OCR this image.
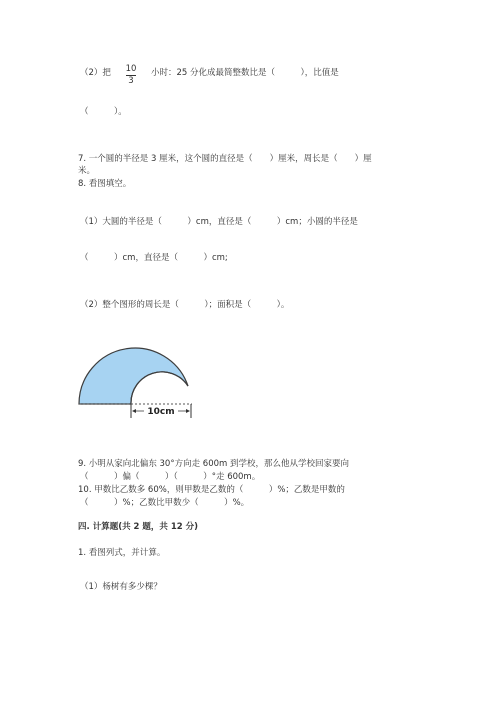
（2）把 10
3
小时：25 分化成最简整数比是（　　　），比值是
（　　　）。
7. 一个圆的半径是 3 厘米，这个圆的直径是（　　）厘米，周长是（　　）厘
米。
8. 看图填空。
（1）大圆的半径是（　　　）cm，直径是（　　　）cm；小圆的半径是
（　　　）cm，直径是（　　　）cm;
（2）整个图形的周长是（　　　）；面积是（　　　）。
10cm
9. 小明从家向北偏东 30°方向走 600m 到学校，那么他从学校回家要向
（　　　）偏（　　　）（　　　）°走 600m。
10. 甲数比乙数多 60%，则甲数是乙数的（　　　）%；乙数是甲数的
（　　　）%；乙数比甲数少（　　　）%。
四. 计算题(共 2 题，共 12 分)
1. 看图列式，并计算。
（1）杨树有多少棵？
